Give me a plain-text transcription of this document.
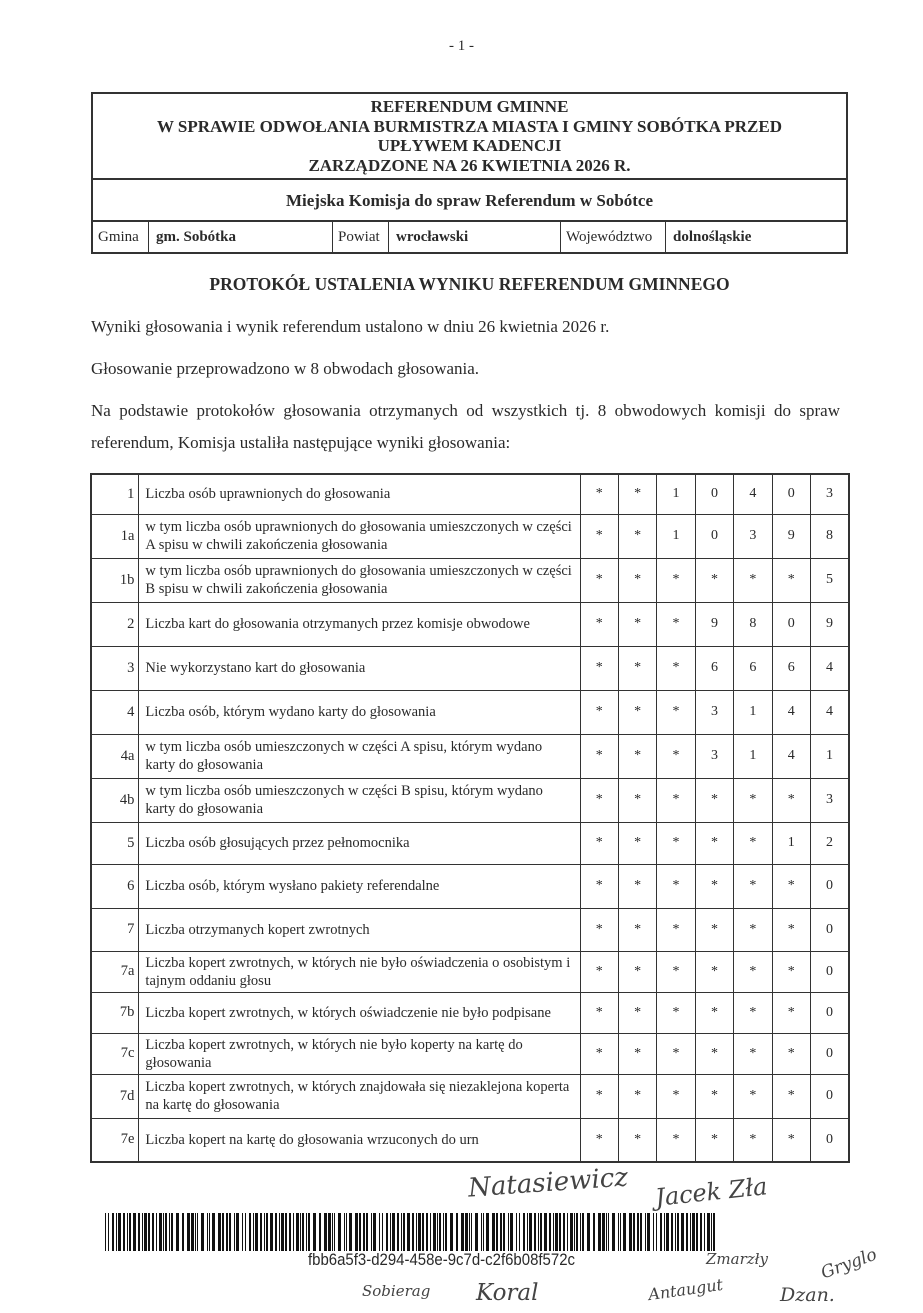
- 1 -
REFERENDUM GMINNE
W SPRAWIE ODWOŁANIA BURMISTRZA MIASTA I GMINY SOBÓTKA PRZED
UPŁYWEM KADENCJI
ZARZĄDZONE NA 26 KWIETNIA 2026 R.
Miejska Komisja do spraw Referendum w Sobótce
Gmina	gm. Sobótka	Powiat	wrocławski	Województwo	dolnośląskie
PROTOKÓŁ USTALENIA WYNIKU REFERENDUM GMINNEGO
Wyniki głosowania i wynik referendum ustalono w dniu 26 kwietnia 2026 r.
Głosowanie przeprowadzono w 8 obwodach głosowania.
Na podstawie protokołów głosowania otrzymanych od wszystkich tj. 8 obwodowych komisji do spraw referendum, Komisja ustaliła następujące wyniki głosowania:
1	Liczba osób uprawnionych do głosowania	*	*	1	0	4	0	3
1a	w tym liczba osób uprawnionych do głosowania umieszczonych w części A spisu w chwili zakończenia głosowania	*	*	1	0	3	9	8
1b	w tym liczba osób uprawnionych do głosowania umieszczonych w części B spisu w chwili zakończenia głosowania	*	*	*	*	*	*	5
2	Liczba kart do głosowania otrzymanych przez komisje obwodowe	*	*	*	9	8	0	9
3	Nie wykorzystano kart do głosowania	*	*	*	6	6	6	4
4	Liczba osób, którym wydano karty do głosowania	*	*	*	3	1	4	4
4a	w tym liczba osób umieszczonych w części A spisu, którym wydano karty do głosowania	*	*	*	3	1	4	1
4b	w tym liczba osób umieszczonych w części B spisu, którym wydano karty do głosowania	*	*	*	*	*	*	3
5	Liczba osób głosujących przez pełnomocnika	*	*	*	*	*	1	2
6	Liczba osób, którym wysłano pakiety referendalne	*	*	*	*	*	*	0
7	Liczba otrzymanych kopert zwrotnych	*	*	*	*	*	*	0
7a	Liczba kopert zwrotnych, w których nie było oświadczenia o osobistym i tajnym oddaniu głosu	*	*	*	*	*	*	0
7b	Liczba kopert zwrotnych, w których oświadczenie nie było podpisane	*	*	*	*	*	*	0
7c	Liczba kopert zwrotnych, w których nie było koperty na kartę do głosowania	*	*	*	*	*	*	0
7d	Liczba kopert zwrotnych, w których znajdowała się niezaklejona koperta na kartę do głosowania	*	*	*	*	*	*	0
7e	Liczba kopert na kartę do głosowania wrzuconych do urn	*	*	*	*	*	*	0
fbb6a5f3-d294-458e-9c7d-c2f6b08f572c
Natasiewicz Jacek Zła
Zmarzły	Gryglo
Sobierag Koral	Antaugut	Dzan.
